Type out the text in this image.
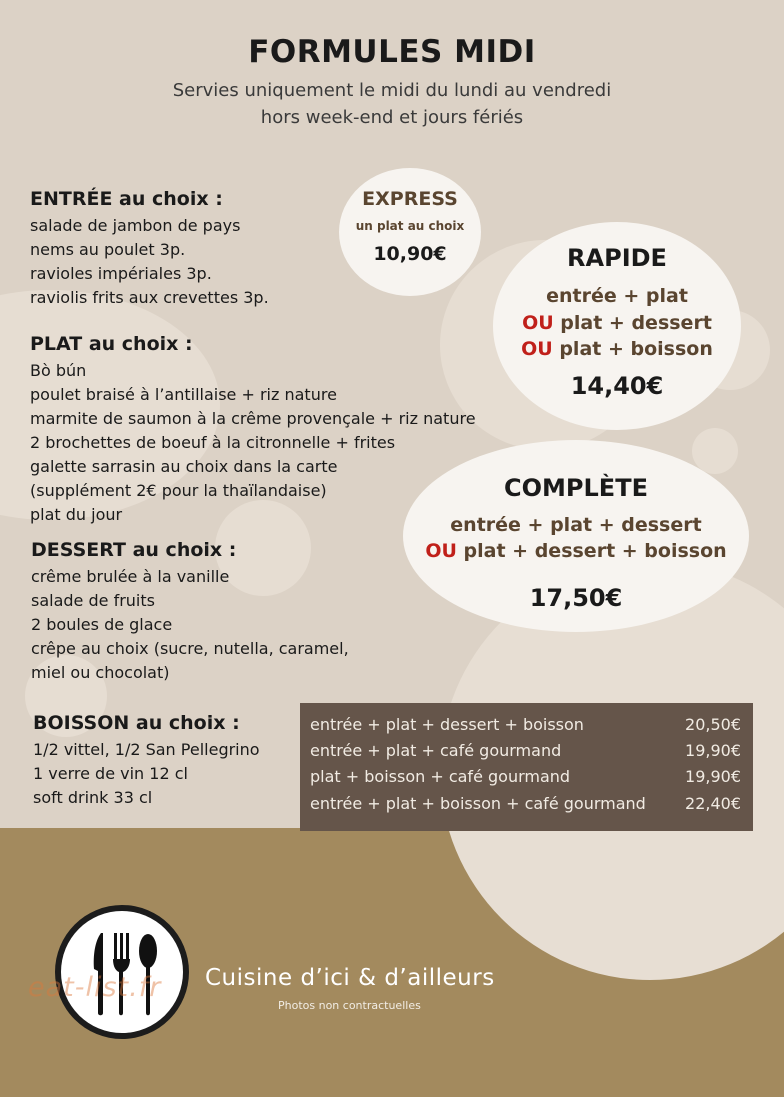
FORMULES MIDI
Servies uniquement le midi du lundi au vendredi
hors week-end et jours fériés
ENTRÉE au choix :
salade de jambon de pays
nems au poulet 3p.
ravioles impériales 3p.
raviolis frits aux crevettes 3p.
PLAT au choix :
Bò bún
poulet braisé à l’antillaise + riz nature
marmite de saumon à la crême provençale + riz nature
2 brochettes de boeuf à la citronnelle + frites
galette sarrasin au choix dans la carte
(supplément 2€ pour la thaïlandaise)
plat du jour
DESSERT au choix :
crême brulée à la vanille
salade de fruits
2 boules de glace
crêpe au choix (sucre, nutella, caramel,
miel ou chocolat)
BOISSON au choix :
1/2 vittel, 1/2 San Pellegrino
1 verre de vin 12 cl
soft drink 33 cl
EXPRESS
un plat au choix
10,90€	RAPIDE
entrée + plat
OU plat + dessert
OU plat + boisson
14,40€
COMPLÈTE
entrée + plat + dessert
OU plat + dessert + boisson
17,50€
entrée + plat + dessert + boisson	20,50€
entrée + plat + café gourmand	19,90€
plat + boisson + café gourmand	19,90€
entrée + plat + boisson + café gourmand 22,40€
eat-list.fr Cuisine d’ici & d’ailleurs
Photos non contractuelles
